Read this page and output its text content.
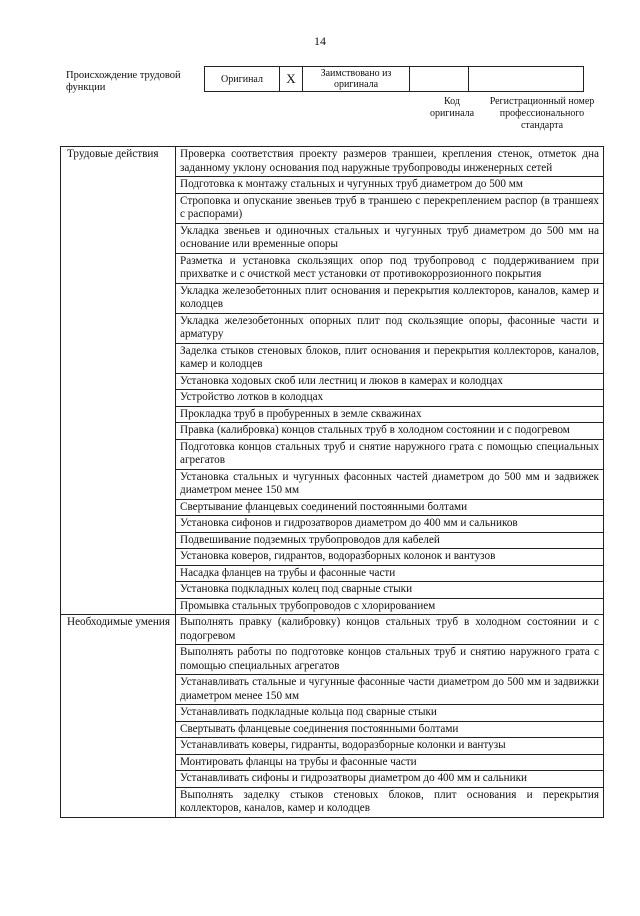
14
Происхождение трудовой функции
Оригинал	X	Заимствовано из оригинала		
Код оригинала
Регистрационный номер профессионального стандарта
Трудовые действия	Проверка соответствия проекту размеров траншеи, крепления стенок, отметок дна заданному уклону основания под наружные трубопроводы инженерных сетей
	Подготовка к монтажу стальных и чугунных труб диаметром до 500 мм
	Строповка и опускание звеньев труб в траншею с перекреплением распор (в траншеях с распорами)
	Укладка звеньев и одиночных стальных и чугунных труб диаметром до 500 мм на основание или временные опоры
	Разметка и установка скользящих опор под трубопровод с поддерживанием при прихватке и с очисткой мест установки от противокоррозионного покрытия
	Укладка железобетонных плит основания и перекрытия коллекторов, каналов, камер и колодцев
	Укладка железобетонных опорных плит под скользящие опоры, фасонные части и арматуру
	Заделка стыков стеновых блоков, плит основания и перекрытия коллекторов, каналов, камер и колодцев
	Установка ходовых скоб или лестниц и люков в камерах и колодцах
	Устройство лотков в колодцах
	Прокладка труб в пробуренных в земле скважинах
	Правка (калибровка) концов стальных труб в холодном состоянии и с подогревом
	Подготовка концов стальных труб и снятие наружного грата с помощью специальных агрегатов
	Установка стальных и чугунных фасонных частей диаметром до 500 мм и задвижек диаметром менее 150 мм
	Свертывание фланцевых соединений постоянными болтами
	Установка сифонов и гидрозатворов диаметром до 400 мм и сальников
	Подвешивание подземных трубопроводов для кабелей
	Установка коверов, гидрантов, водоразборных колонок и вантузов
	Насадка фланцев на трубы и фасонные части
	Установка подкладных колец под сварные стыки
	Промывка стальных трубопроводов с хлорированием
Необходимые умения	Выполнять правку (калибровку) концов стальных труб в холодном состоянии и с подогревом
	Выполнять работы по подготовке концов стальных труб и снятию наружного грата с помощью специальных агрегатов
	Устанавливать стальные и чугунные фасонные части диаметром до 500 мм и задвижки диаметром менее 150 мм
	Устанавливать подкладные кольца под сварные стыки
	Свертывать фланцевые соединения постоянными болтами
	Устанавливать коверы, гидранты, водоразборные колонки и вантузы
	Монтировать фланцы на трубы и фасонные части
	Устанавливать сифоны и гидрозатворы диаметром до 400 мм и сальники
	Выполнять заделку стыков стеновых блоков, плит основания и перекрытия коллекторов, каналов, камер и колодцев
